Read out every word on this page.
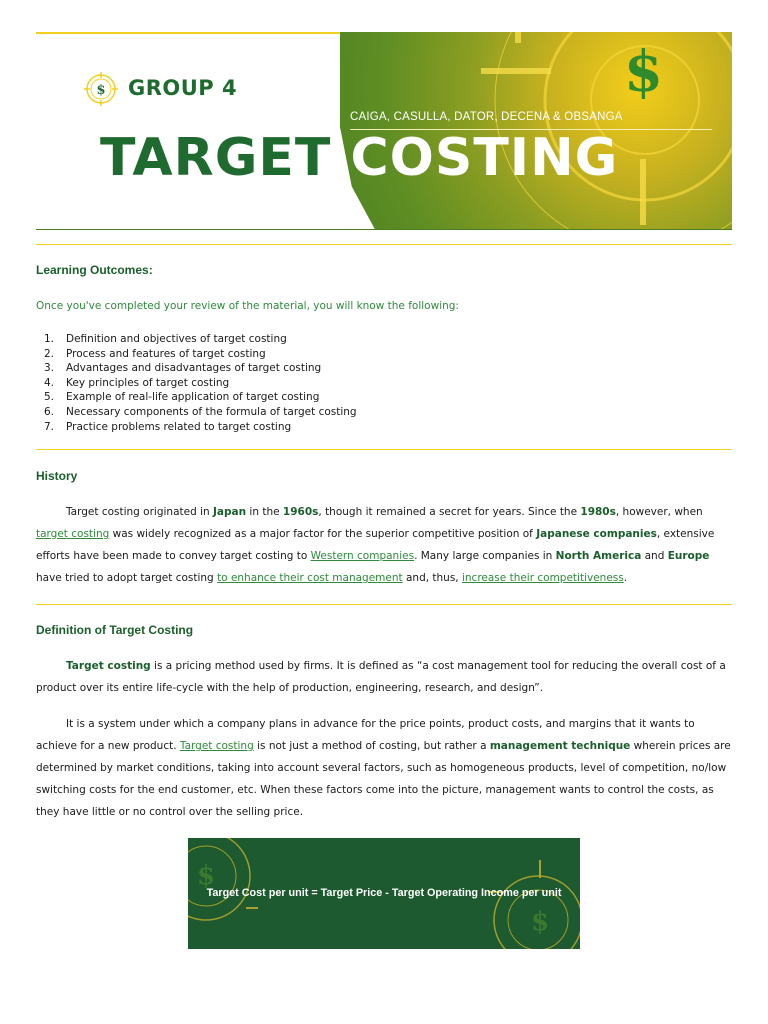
$
$ GROUP 4
CAIGA, CASULLA, DATOR, DECENA & OBSANGA
TARGET COSTING
Learning Outcomes:
Once you've completed your review of the material, you will know the following:
1. Definition and objectives of target costing
2. Process and features of target costing
3. Advantages and disadvantages of target costing
4. Key principles of target costing
5. Example of real-life application of target costing
6. Necessary components of the formula of target costing
7. Practice problems related to target costing
History

Target costing originated in Japan in the 1960s, though it remained a secret for years. Since the 1980s, however, when target costing was widely recognized as a major factor for the superior competitive position of Japanese companies, extensive efforts have been made to convey target costing to Western companies. Many large companies in North America and Europe have tried to adopt target costing to enhance their cost management and, thus, increase their competitiveness.

Definition of Target Costing

Target costing is a pricing method used by firms. It is defined as “a cost management tool for reducing the overall cost of a product over its entire life-cycle with the help of production, engineering, research, and design”.

It is a system under which a company plans in advance for the price points, product costs, and margins that it wants to achieve for a new product. Target costing is not just a method of costing, but rather a management technique wherein prices are determined by market conditions, taking into account several factors, such as homogeneous products, level of competition, no/low switching costs for the end customer, etc. When these factors come into the picture, management wants to control the costs, as they have little or no control over the selling price.

$
$
Target Cost per unit = Target Price - Target Operating Income per unit
